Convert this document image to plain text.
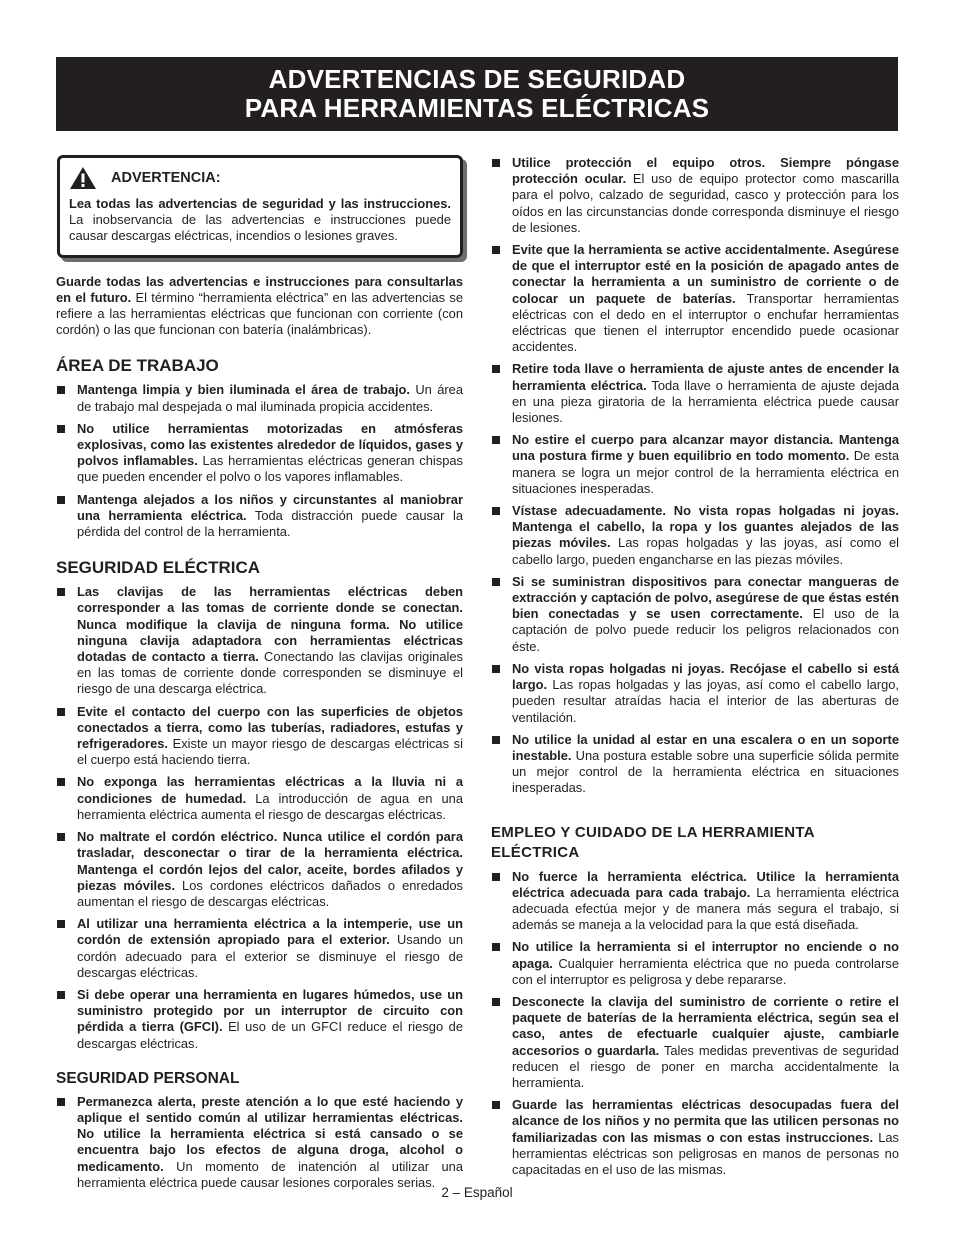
ADVERTENCIAS DE SEGURIDAD
PARA HERRAMIENTAS ELÉCTRICAS
ADVERTENCIA:
Lea todas las advertencias de seguridad y las instrucciones. La inobservancia de las advertencias e instrucciones puede causar descargas eléctricas, incendios o lesiones graves.
Guarde todas las advertencias e instrucciones para consultarlas en el futuro. El término “herramienta eléctrica” en las advertencias se refiere a las herramientas eléctricas que funcionan con corriente (con cordón) o las que funcionan con batería (inalámbricas).
ÁREA DE TRABAJO
Mantenga limpia y bien iluminada el área de trabajo. Un área de trabajo mal despejada o mal iluminada propicia accidentes.
No utilice herramientas motorizadas en atmósferas explosivas, como las existentes alrededor de líquidos, gases y polvos inflamables. Las herramientas eléctricas generan chispas que pueden encender el polvo o los vapores inflamables.
Mantenga alejados a los niños y circunstantes al maniobrar una herramienta eléctrica. Toda distracción puede causar la pérdida del control de la herramienta.
SEGURIDAD ELÉCTRICA
Las clavijas de las herramientas eléctricas deben corresponder a las tomas de corriente donde se conectan. Nunca modifique la clavija de ninguna forma. No utilice ninguna clavija adaptadora con herramientas eléctricas dotadas de contacto a tierra. Conectando las clavijas originales en las tomas de corriente donde corresponden se disminuye el riesgo de una descarga eléctrica.
Evite el contacto del cuerpo con las superficies de objetos conectados a tierra, como las tuberías, radiadores, estufas y refrigeradores. Existe un mayor riesgo de descargas eléctricas si el cuerpo está haciendo tierra.
No exponga las herramientas eléctricas a la lluvia ni a condiciones de humedad. La introducción de agua en una herramienta eléctrica aumenta el riesgo de descargas eléctricas.
No maltrate el cordón eléctrico. Nunca utilice el cordón para trasladar, desconectar o tirar de la herramienta eléctrica. Mantenga el cordón lejos del calor, aceite, bordes afilados y piezas móviles. Los cordones eléctricos dañados o enredados aumentan el riesgo de descargas eléctricas.
Al utilizar una herramienta eléctrica a la intemperie, use un cordón de extensión apropiado para el exterior. Usando un cordón adecuado para el exterior se disminuye el riesgo de descargas eléctricas.
Si debe operar una herramienta en lugares húmedos, use un suministro protegido por un interruptor de circuito con pérdida a tierra (GFCI). El uso de un GFCI reduce el riesgo de descargas eléctricas.
SEGURIDAD PERSONAL
Permanezca alerta, preste atención a lo que esté haciendo y aplique el sentido común al utilizar herramientas eléctricas. No utilice la herramienta eléctrica si está cansado o se encuentra bajo los efectos de alguna droga, alcohol o medicamento. Un momento de inatención al utilizar una herramienta eléctrica puede causar lesiones corporales serias.
Utilice protección el equipo otros. Siempre póngase protección ocular. El uso de equipo protector como mascarilla para el polvo, calzado de seguridad, casco y protección para los oídos en las circunstancias donde corresponda disminuye el riesgo de lesiones.
Evite que la herramienta se active accidentalmente. Asegúrese de que el interruptor esté en la posición de apagado antes de conectar la herramienta a un suministro de corriente o de colocar un paquete de baterías. Transportar herramientas eléctricas con el dedo en el interruptor o enchufar herramientas eléctricas que tienen el interruptor encendido puede ocasionar accidentes.
Retire toda llave o herramienta de ajuste antes de encender la herramienta eléctrica. Toda llave o herramienta de ajuste dejada en una pieza giratoria de la herramienta eléctrica puede causar lesiones.
No estire el cuerpo para alcanzar mayor distancia. Mantenga una postura firme y buen equilibrio en todo momento. De esta manera se logra un mejor control de la herramienta eléctrica en situaciones inesperadas.
Vístase adecuadamente. No vista ropas holgadas ni joyas. Mantenga el cabello, la ropa y los guantes alejados de las piezas móviles. Las ropas holgadas y las joyas, así como el cabello largo, pueden engancharse en las piezas móviles.
Si se suministran dispositivos para conectar mangueras de extracción y captación de polvo, asegúrese de que éstas estén bien conectadas y se usen correctamente. El uso de la captación de polvo puede reducir los peligros relacionados con éste.
No vista ropas holgadas ni joyas. Recójase el cabello si está largo. Las ropas holgadas y las joyas, así como el cabello largo, pueden resultar atraídas hacia el interior de las aberturas de ventilación.
No utilice la unidad al estar en una escalera o en un soporte inestable. Una postura estable sobre una superficie sólida permite un mejor control de la herramienta eléctrica en situaciones inesperadas.
EMPLEO Y CUIDADO DE LA HERRAMIENTA ELÉCTRICA
No fuerce la herramienta eléctrica. Utilice la herramienta eléctrica adecuada para cada trabajo. La herramienta eléctrica adecuada efectúa mejor y de manera más segura el trabajo, si además se maneja a la velocidad para la que está diseñada.
No utilice la herramienta si el interruptor no enciende o no apaga. Cualquier herramienta eléctrica que no pueda controlarse con el interruptor es peligrosa y debe repararse.
Desconecte la clavija del suministro de corriente o retire el paquete de baterías de la herramienta eléctrica, según sea el caso, antes de efectuarle cualquier ajuste, cambiarle accesorios o guardarla. Tales medidas preventivas de seguridad reducen el riesgo de poner en marcha accidentalmente la herramienta.
Guarde las herramientas eléctricas desocupadas fuera del alcance de los niños y no permita que las utilicen personas no familiarizadas con las mismas o con estas instrucciones. Las herramientas eléctricas son peligrosas en manos de personas no capacitadas en el uso de las mismas.
2 – Español
